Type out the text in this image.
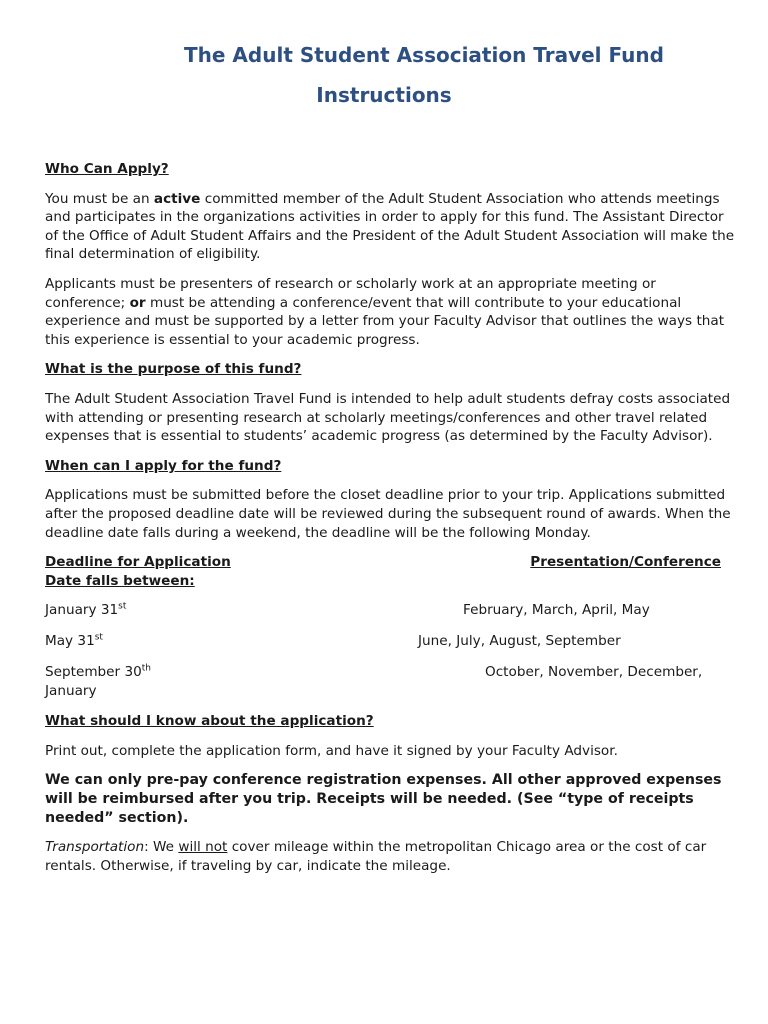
The Adult Student Association Travel Fund
Instructions

Who Can Apply?

You must be an active committed member of the Adult Student Association who attends meetings and participates in the organizations activities in order to apply for this fund. The Assistant Director of the Office of Adult Student Affairs and the President of the Adult Student Association will make the final determination of eligibility.

Applicants must be presenters of research or scholarly work at an appropriate meeting or conference; or must be attending a conference/event that will contribute to your educational experience and must be supported by a letter from your Faculty Advisor that outlines the ways that this experience is essential to your academic progress.

What is the purpose of this fund?

The Adult Student Association Travel Fund is intended to help adult students defray costs associated with attending or presenting research at scholarly meetings/conferences and other travel related expenses that is essential to students’ academic progress (as determined by the Faculty Advisor).

When can I apply for the fund?

Applications must be submitted before the closet deadline prior to your trip. Applications submitted after the proposed deadline date will be reviewed during the subsequent round of awards. When the deadline date falls during a weekend, the deadline will be the following Monday.

Deadline for Application	Presentation/Conference

Date falls between:

January 31st	February, March, April, May
May 31st	June, July, August, September
September 30th	October, November, December,
January

What should I know about the application?

Print out, complete the application form, and have it signed by your Faculty Advisor.

We can only pre-pay conference registration expenses. All other approved expenses will be reimbursed after you trip. Receipts will be needed. (See “type of receipts needed” section).

Transportation: We will not cover mileage within the metropolitan Chicago area or the cost of car rentals. Otherwise, if traveling by car, indicate the mileage.
